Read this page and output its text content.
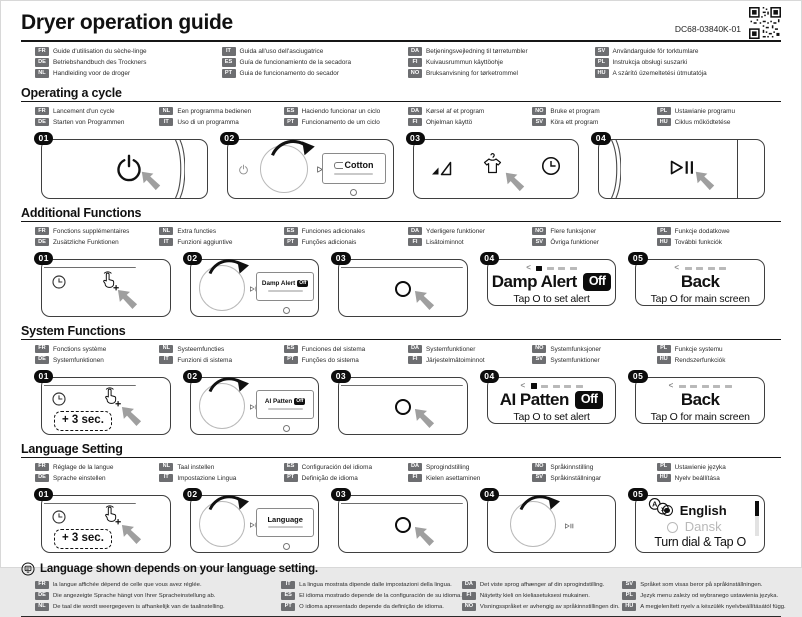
Dryer operation guide	DC68-03840K-01
FR	Guide d'utilisation du sèche-linge
DE	Betriebshandbuch des Trockners
NL	Handleiding voor de droger
IT	Guida all'uso dell'asciugatrice
ES	Guía de funcionamiento de la secadora
PT	Guia de funcionamento do secador
DA	Betjeningsvejledning til tørretumbler
FI	Kuivausrummun käyttöohje
NO	Bruksanvisning for tørketrommel
SV	Användarguide för torktumlare
PL	Instrukcja obsługi suszarki
HU	A szárító üzemeltetési útmutatója
Operating a cycle
FR	Lancement d'un cycle
DE	Starten von Programmen
NL	Een programma bedienen
IT	Uso di un programma
ES	Haciendo funcionar un ciclo
PT	Funcionamento de um ciclo
DA	Kørsel af et program
FI	Ohjelman käyttö
NO	Bruke et program
SV	Köra ett program
PL	Ustawianie programu
HU	Ciklus működtetése
01	02
Cotton
03	04
Additional Functions
FR	Fonctions supplémentaires
DE	Zusätzliche Funktionen
NL	Extra functies
IT	Funzioni aggiuntive
ES	Funciones adicionales
PT	Funções adicionais
DA	Yderligere funktioner
FI	Lisätoiminnot
NO	Flere funksjoner
SV	Övriga funktioner
PL	Funkcje dodatkowe
HU	További funkciók
01	02
Damp Alert Off
03	04
<
Damp Alert Off
Tap O to set alert
05
<
Back
Tap O for main screen
System Functions
FR	Fonctions système
DE	Systemfunktionen
NL	Systeemfuncties
IT	Funzioni di sistema
ES	Funciones del sistema
PT	Funções do sistema
DA	Systemfunktioner
FI	Järjestelmätoiminnot
NO	Systemfunksjoner
SV	Systemfunktioner
PL	Funkcje systemu
HU	Rendszerfunkciók
01
+ 3 sec.
02
AI Patten Off
03	04
<
AI Patten Off
Tap O to set alert
05
<
Back
Tap O for main screen
Language Setting
FR	Réglage de la langue
DE	Sprache einstellen
NL	Taal instellen
IT	Impostazione Lingua
ES	Configuración del idioma
PT	Definição de idioma
DA	Sprogindstilling
FI	Kielen asettaminen
NO	Språkinnstilling
SV	Språkinställningar
PL	Ustawienie języka
HU	Nyelv beállítása
01
+ 3 sec.
02
Language
03	04	05
English
Dansk
Turn dial & Tap O
Language shown depends on your language setting.
FR	la langue affichée dépend de celle que vous avez réglée.
DE	Die angezeigte Sprache hängt von Ihrer Spracheinstellung ab.
NL	De taal die wordt weergegeven is afhankelijk van de taalinstelling.
IT	La lingua mostrata dipende dalle impostazioni della lingua.
ES	El idioma mostrado depende de la configuración de su idioma.
PT	O idioma apresentado depende da definição de idioma.
DA	Det viste sprog afhænger af din sprogindstilling.
FI	Näytetty kieli on kieliasetuksesi mukainen.
NO	Visningsspråket er avhengig av språkinnstillingen din.
SV	Språket som visas beror på språkinställningen.
PL	Język menu zależy od wybranego ustawienia języka.
HU	A megjelenített nyelv a készülék nyelvbeállításától függ.
